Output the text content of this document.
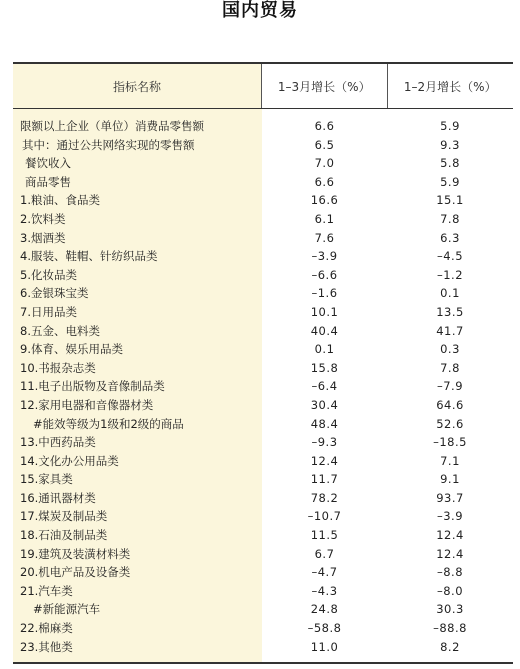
国内贸易
指标名称	1–3月增长（%）	1–2月增长（%）
限额以上企业（单位）消费品零售额
其中：通过公共网络实现的零售额
餐饮收入
商品零售
1.粮油、食品类
2.饮料类
3.烟酒类
4.服装、鞋帽、针纺织品类
5.化妆品类
6.金银珠宝类
7.日用品类
8.五金、电料类
9.体育、娱乐用品类
10.书报杂志类
11.电子出版物及音像制品类
12.家用电器和音像器材类
#能效等级为1级和2级的商品
13.中西药品类
14.文化办公用品类
15.家具类
16.通讯器材类
17.煤炭及制品类
18.石油及制品类
19.建筑及装潢材料类
20.机电产品及设备类
21.汽车类
#新能源汽车
22.棉麻类
23.其他类
6.6
6.5
7.0
6.6
16.6
6.1
7.6
–3.9
–6.6
–1.6
10.1
40.4
0.1
15.8
–6.4
30.4
48.4
–9.3
12.4
11.7
78.2
–10.7
11.5
6.7
–4.7
–4.3
24.8
–58.8
11.0
5.9
9.3
5.8
5.9
15.1
7.8
6.3
–4.5
–1.2
0.1
13.5
41.7
0.3
7.8
–7.9
64.6
52.6
–18.5
7.1
9.1
93.7
–3.9
12.4
12.4
–8.8
–8.0
30.3
–88.8
8.2
